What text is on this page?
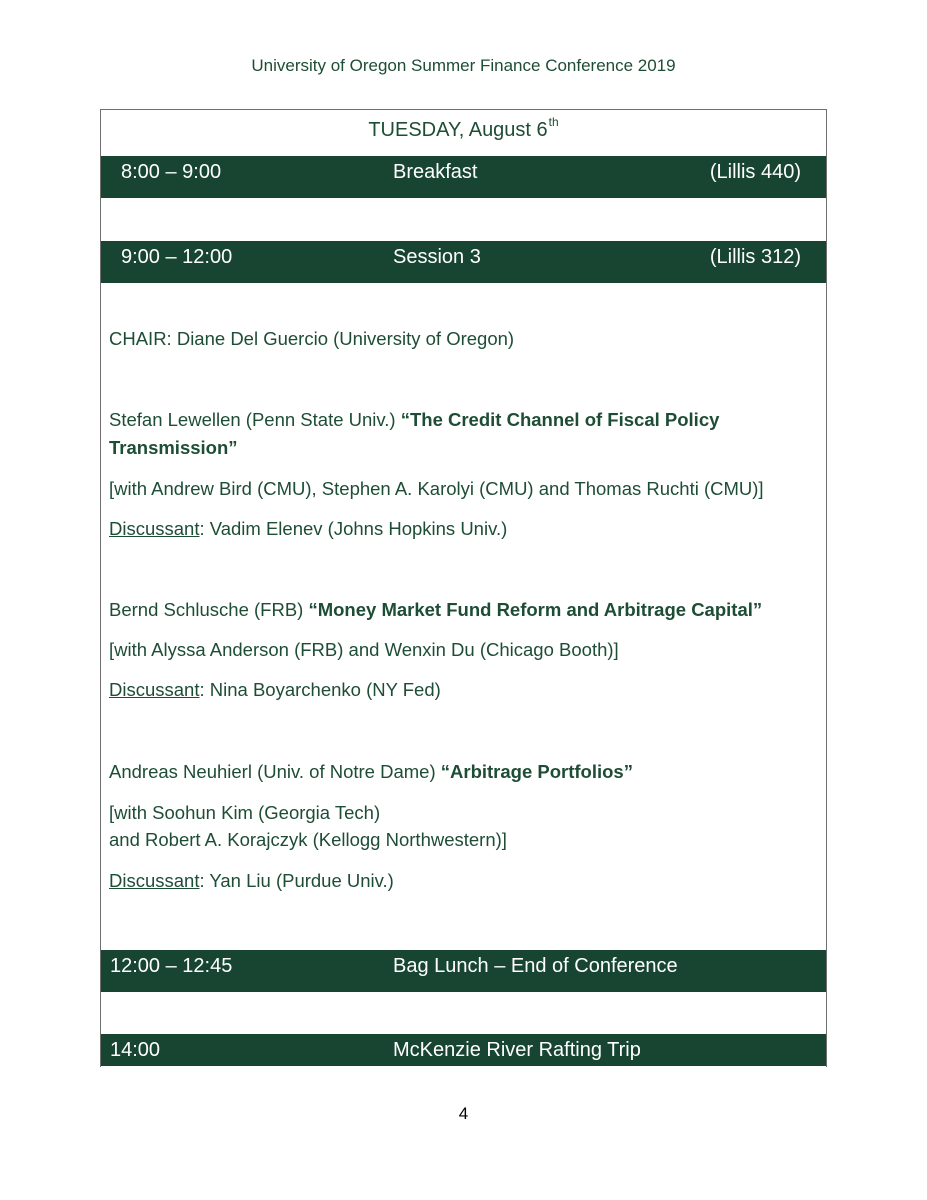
University of Oregon Summer Finance Conference 2019
TUESDAY, August 6th
8:00 – 9:00	Breakfast	(Lillis 440)
9:00 – 12:00	Session 3	(Lillis 312)
CHAIR: Diane Del Guercio (University of Oregon)
Stefan Lewellen (Penn State Univ.) “The Credit Channel of Fiscal Policy
Transmission”
[with Andrew Bird (CMU), Stephen A. Karolyi (CMU) and Thomas Ruchti (CMU)]
Discussant: Vadim Elenev (Johns Hopkins Univ.)
Bernd Schlusche (FRB) “Money Market Fund Reform and Arbitrage Capital”
[with Alyssa Anderson (FRB) and Wenxin Du (Chicago Booth)]
Discussant: Nina Boyarchenko (NY Fed)
Andreas Neuhierl (Univ. of Notre Dame) “Arbitrage Portfolios”
[with Soohun Kim (Georgia Tech)
and Robert A. Korajczyk (Kellogg Northwestern)]
Discussant: Yan Liu (Purdue Univ.)
12:00 – 12:45	Bag Lunch – End of Conference
14:00	McKenzie River Rafting Trip
4
